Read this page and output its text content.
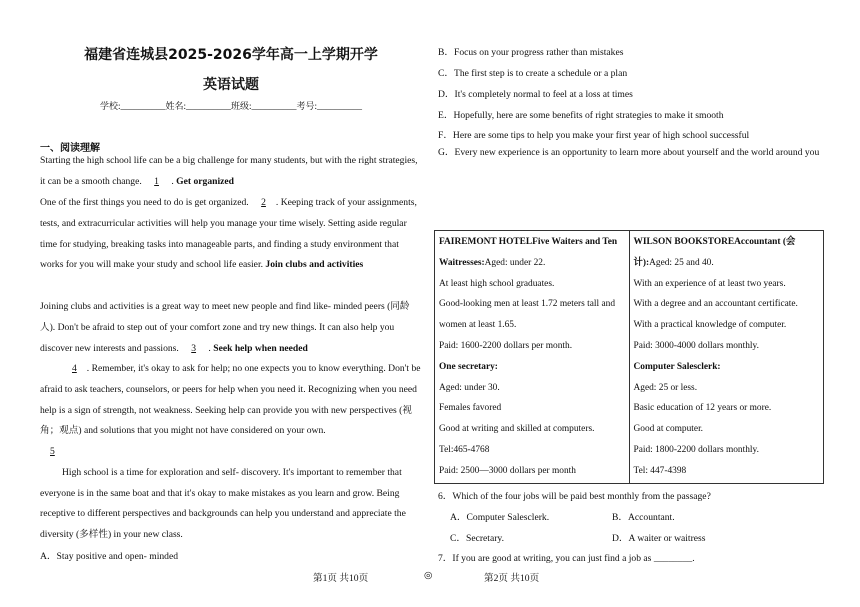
福建省连城县2025-2026学年高一上学期开学
英语试题
学校:__________姓名:__________班级:__________考号:__________
一、阅读理解

Starting the high school life can be a big challenge for many students, but with the right strategies, it can be a smooth change. 1 . Get organized

One of the first things you need to do is get organized. 2 . Keeping track of your assignments, tests, and extracurricular activities will help you manage your time wisely. Setting aside regular time for studying, breaking tasks into manageable parts, and finding a study environment that works for you will make your study and school life easier. Join clubs and activities

Joining clubs and activities is a great way to meet new people and find like- minded peers (同龄人). Don't be afraid to step out of your comfort zone and try new things. It can also help you discover new interests and passions. 3 . Seek help when needed

4 . Remember, it's okay to ask for help; no one expects you to know everything. Don't be afraid to ask teachers, counselors, or peers for help when you need it. Recognizing when you need help is a sign of strength, not weakness. Seeking help can provide you with new perspectives (视角；观点) and solutions that you might not have considered on your own.

5
High school is a time for exploration and self- discovery. It's important to remember that everyone is in the same boat and that it's okay to make mistakes as you learn and grow. Being receptive to different perspectives and backgrounds can help you understand and appreciate the diversity (多样性) in your new class.

A．Stay positive and open- minded
B．Focus on your progress rather than mistakes
C．The first step is to create a schedule or a plan
D．It's completely normal to feel at a loss at times
E．Hopefully, here are some benefits of right strategies to make it smooth
F．Here are some tips to help you make your first year of high school successful
G．Every new experience is an opportunity to learn more about yourself and the world around you
FAIREMONT HOTELFive Waiters and Ten Waitresses:Aged: under 22.
At least high school graduates.
Good-looking men at least 1.72 meters tall and women at least 1.65.
Paid: 1600-2200 dollars per month.
One secretary:
Aged: under 30.
Females favored
Good at writing and skilled at computers.
Tel:465-4768
Paid: 2500—3000 dollars per month

WILSON BOOKSTOREAccountant (会计):Aged: 25 and 40.
With an experience of at least two years.
With a degree and an accountant certificate.
With a practical knowledge of computer.
Paid: 3000-4000 dollars monthly.
Computer Salesclerk:
Aged: 25 or less.
Basic education of 12 years or more.
Good at computer.
Paid: 1800-2200 dollars monthly.
Tel: 447-4398
6．Which of the four jobs will be paid best monthly from the passage?
A．Computer Salesclerk.	B．Accountant.
C．Secretary.	D．A waiter or waitress
7．If you are good at writing, you can just find a job as ________.
第1页 共10页	◎	第2页 共10页
